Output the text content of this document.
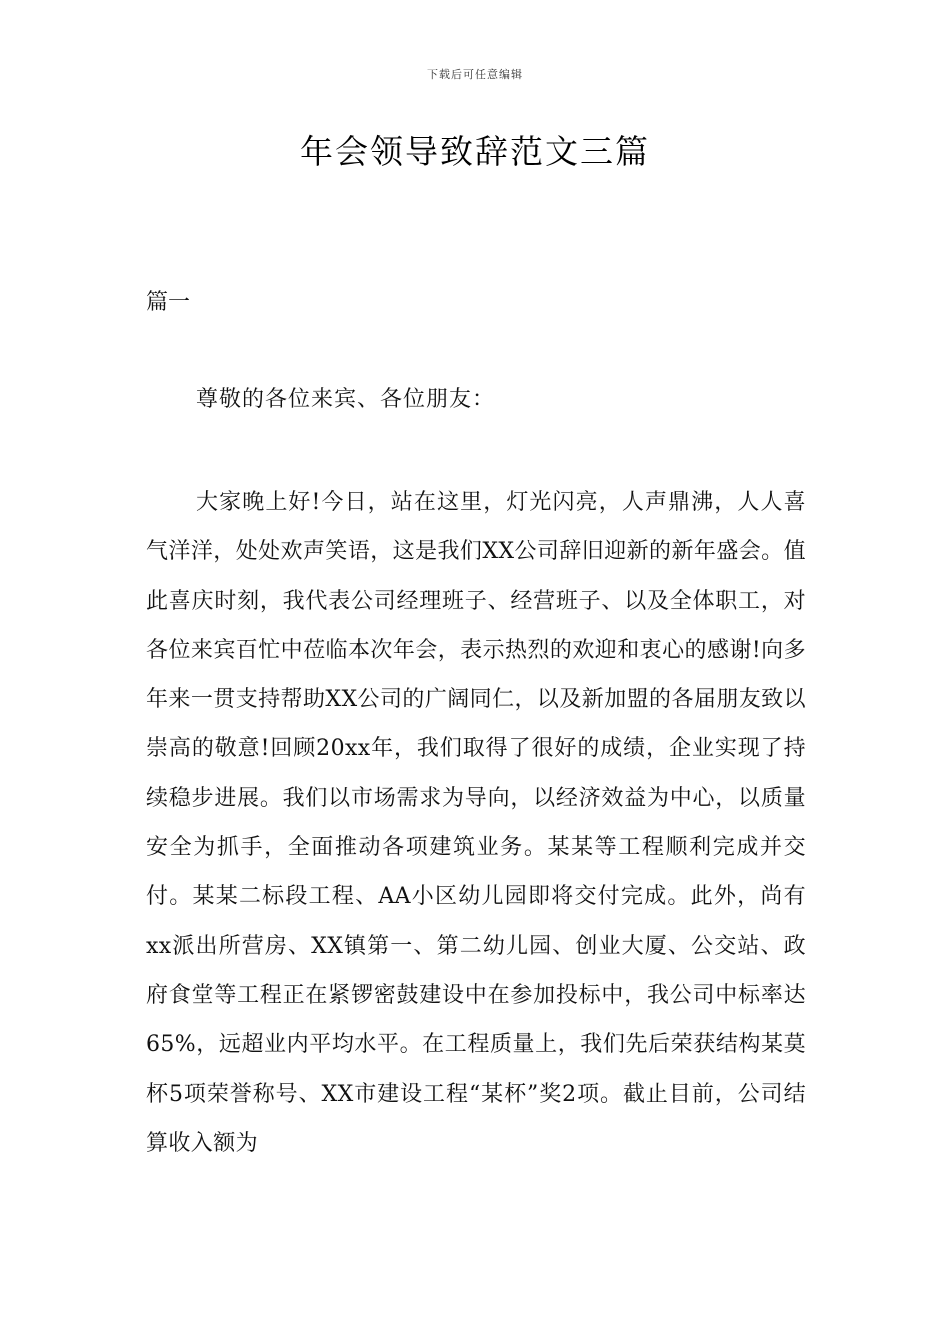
下载后可任意编辑
年会领导致辞范文三篇
篇一
尊敬的各位来宾、各位朋友：

大家晚上好!今日，站在这里，灯光闪亮，人声鼎沸，人人喜气洋洋，处处欢声笑语，这是我们XX公司辞旧迎新的新年盛会。值此喜庆时刻，我代表公司经理班子、经营班子、以及全体职工，对各位来宾百忙中莅临本次年会，表示热烈的欢迎和衷心的感谢!向多年来一贯支持帮助XX公司的广阔同仁，以及新加盟的各届朋友致以崇高的敬意!回顾20xx年，我们取得了很好的成绩，企业实现了持续稳步进展。我们以市场需求为导向，以经济效益为中心，以质量安全为抓手，全面推动各项建筑业务。某某等工程顺利完成并交付。某某二标段工程、AA小区幼儿园即将交付完成。此外，尚有xx派出所营房、XX镇第一、第二幼儿园、创业大厦、公交站、政府食堂等工程正在紧锣密鼓建设中在参加投标中，我公司中标率达65%，远超业内平均水平。在工程质量上，我们先后荣获结构某莫杯5项荣誉称号、XX市建设工程“某杯”奖2项。截止目前，公司结算收入额为
